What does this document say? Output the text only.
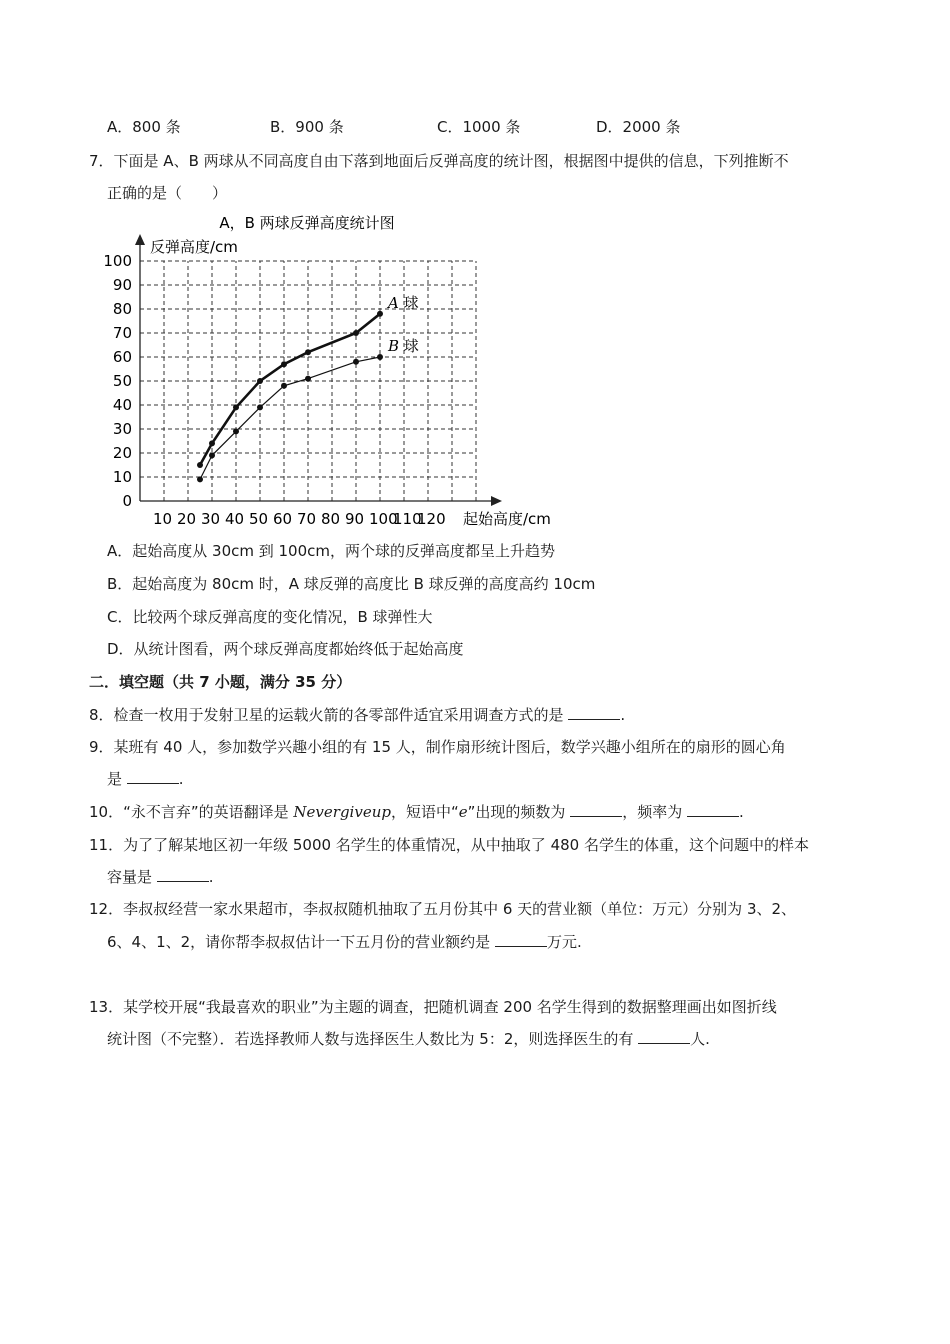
A．800 条	B．900 条	C．1000 条	D．2000 条
7．下面是 A、B 两球从不同高度自由下落到地面后反弹高度的统计图，根据图中提供的信息，下列推断不
正确的是（　　）
A，B 两球反弹高度统计图
反弹高度/cm
起始高度/cm
0
10
20
30
40
50
60
70
80
90
100
10 20 30 40 50 60 70 80 90 100
110
120
A 球
B 球
A．起始高度从 30cm 到 100cm，两个球的反弹高度都呈上升趋势
B．起始高度为 80cm 时，A 球反弹的高度比 B 球反弹的高度高约 10cm
C．比较两个球反弹高度的变化情况，B 球弹性大
D．从统计图看，两个球反弹高度都始终低于起始高度
二．填空题（共 7 小题，满分 35 分）
8．检查一枚用于发射卫星的运载火箭的各零部件适宜采用调查方式的是	.
9．某班有 40 人，参加数学兴趣小组的有 15 人，制作扇形统计图后，数学兴趣小组所在的扇形的圆心角
是	.
10．“永不言弃”的英语翻译是 Nevergiveup，短语中“e”出现的频数为	，频率为	.
11．为了了解某地区初一年级 5000 名学生的体重情况，从中抽取了 480 名学生的体重，这个问题中的样本
容量是	.
12．李叔叔经营一家水果超市，李叔叔随机抽取了五月份其中 6 天的营业额（单位：万元）分别为 3、2、
6、4、1、2，请你帮李叔叔估计一下五月份的营业额约是	万元.
13．某学校开展“我最喜欢的职业”为主题的调查，把随机调查 200 名学生得到的数据整理画出如图折线
统计图（不完整）．若选择教师人数与选择医生人数比为 5：2，则选择医生的有	人.
